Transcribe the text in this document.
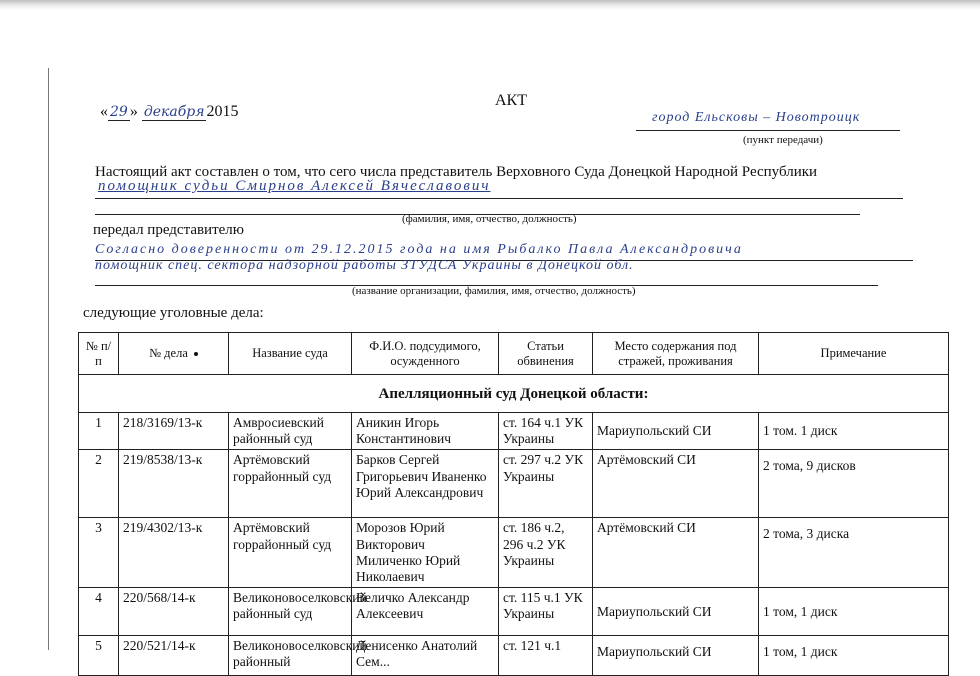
АКТ
« 29 » декабря 2015	город Ельсковы – Новотроицк
(пункт передачи)
Настоящий акт составлен о том, что сего числа представитель Верховного Суда Донецкой Народной Республики
помощник судьи Смирнов Алексей Вячеславович
(фамилия, имя, отчество, должность)
передал представителю
Согласно доверенности от 29.12.2015 года на имя Рыбалко Павла Александровича
помощник спец. сектора надзорной работы ЗТУДСА Украины в Донецкой обл.
(название организации, фамилия, имя, отчество, должность)
следующие уголовные дела:
№ п/п	№ дела	Название суда	Ф.И.О. подсудимого, осужденного	Статьи обвинения	Место содержания под стражей, проживания	Примечание
Апелляционный суд Донецкой области:						
1	218/3169/13-к	Амвросиевский районный суд	Аникин Игорь Константинович	ст. 164 ч.1 УК Украины	Мариупольский СИ	1 том. 1 диск
2	219/8538/13-к	Артёмовский горрайонный суд	Барков Сергей Григорьевич Иваненко Юрий Александрович	ст. 297 ч.2 УК Украины	Артёмовский СИ	2 тома, 9 дисков
3	219/4302/13-к	Артёмовский горрайонный суд	Морозов Юрий Викторович Миличенко Юрий Николаевич	ст. 186 ч.2, 296 ч.2 УК Украины	Артёмовский СИ	2 тома, 3 диска
4	220/568/14-к	Великоновоселковский районный суд	Величко Александр Алексеевич	ст. 115 ч.1 УК Украины	Мариупольский СИ	1 том, 1 диск
5	220/521/14-к	Великоновоселковский районный	Денисенко Анатолий Сем...	ст. 121 ч.1	Мариупольский СИ	1 том, 1 диск
